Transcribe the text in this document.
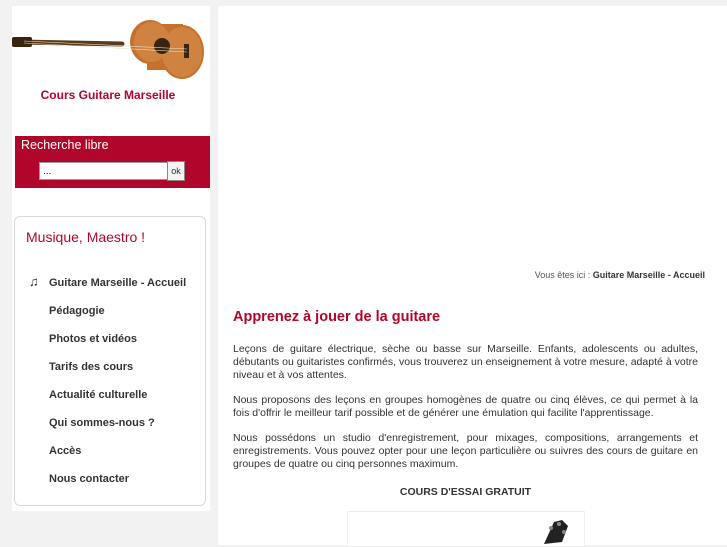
Cours Guitare Marseille
Recherche libre
...
ok
Musique, Maestro !
♫ Guitare Marseille - Accueil
Pédagogie
Photos et vidéos
Tarifs des cours
Actualité culturelle
Qui sommes-nous ?
Accès
Nous contacter
Vous êtes ici : Guitare Marseille - Accueil
Apprenez à jouer de la guitare
Leçons de guitare électrique, sèche ou basse sur Marseille. Enfants, adolescents ou adultes, débutants ou guitaristes confirmés, vous trouverez un enseignement à votre mesure, adapté à votre niveau et à vos attentes.
Nous proposons des leçons en groupes homogènes de quatre ou cinq élèves, ce qui permet à la fois d'offrir le meilleur tarif possible et de générer une émulation qui facilite l'apprentissage.
Nous possédons un studio d'enregistrement, pour mixages, compositions, arrangements et enregistrements. Vous pouvez opter pour une leçon particulière ou suivres des cours de guitare en groupes de quatre ou cinq personnes maximum.
COURS D'ESSAI GRATUIT
